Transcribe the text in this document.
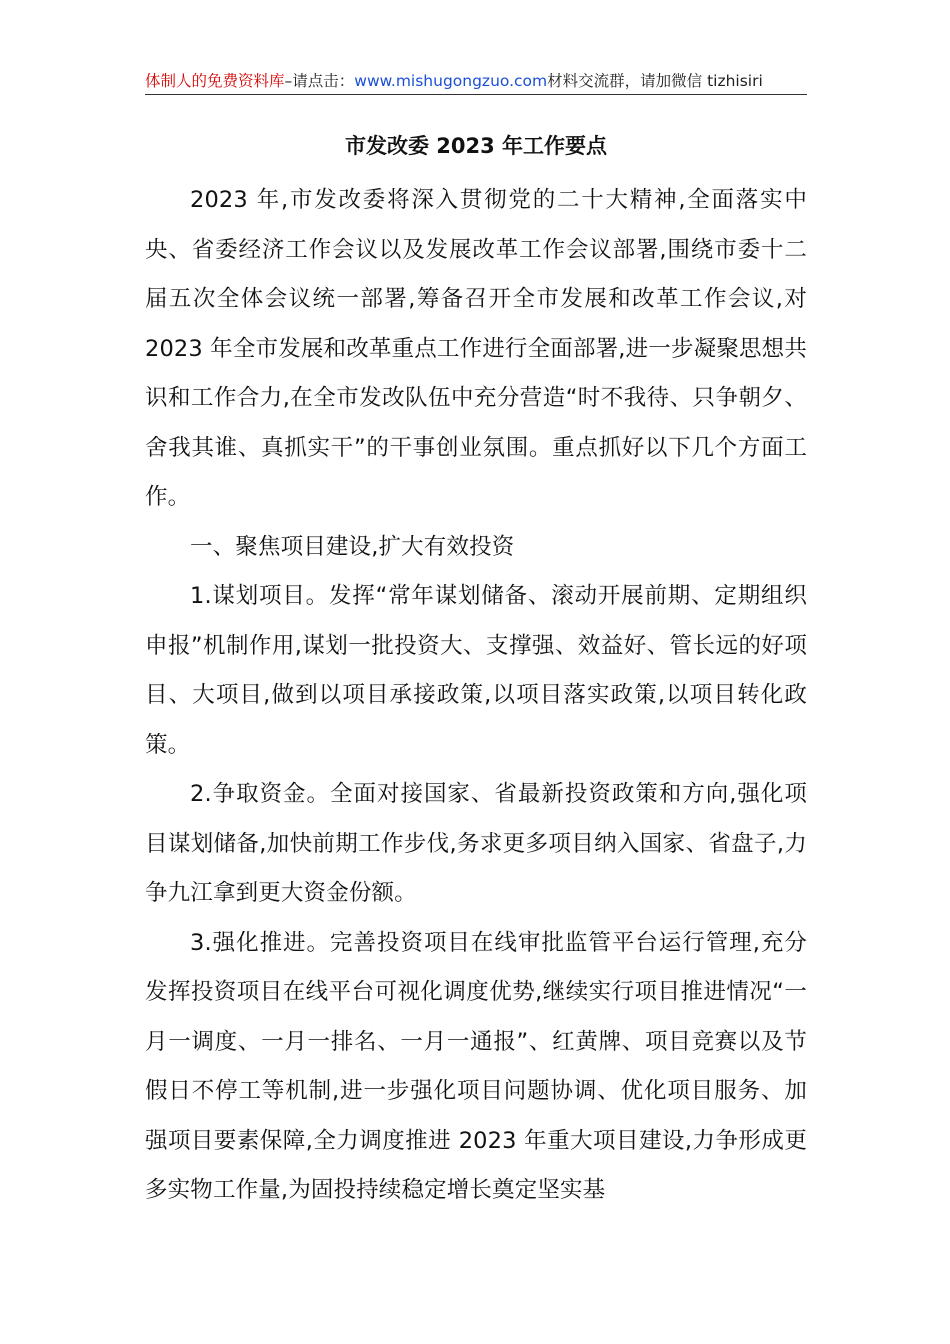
体制人的免费资料库–请点击：www.mishugongzuo.com材料交流群，请加微信 tizhisiri
市发改委 2023 年工作要点

2023 年,市发改委将深入贯彻党的二十大精神,全面落实中央、省委经济工作会议以及发展改革工作会议部署,围绕市委十二届五次全体会议统一部署,筹备召开全市发展和改革工作会议,对 2023 年全市发展和改革重点工作进行全面部署,进一步凝聚思想共识和工作合力,在全市发改队伍中充分营造“时不我待、只争朝夕、舍我其谁、真抓实干”的干事创业氛围。重点抓好以下几个方面工作。

一、聚焦项目建设,扩大有效投资

1.谋划项目。发挥“常年谋划储备、滚动开展前期、定期组织申报”机制作用,谋划一批投资大、支撑强、效益好、管长远的好项目、大项目,做到以项目承接政策,以项目落实政策,以项目转化政策。

2.争取资金。全面对接国家、省最新投资政策和方向,强化项目谋划储备,加快前期工作步伐,务求更多项目纳入国家、省盘子,力争九江拿到更大资金份额。

3.强化推进。完善投资项目在线审批监管平台运行管理,充分发挥投资项目在线平台可视化调度优势,继续实行项目推进情况“一月一调度、一月一排名、一月一通报”、红黄牌、项目竞赛以及节假日不停工等机制,进一步强化项目问题协调、优化项目服务、加强项目要素保障,全力调度推进 2023 年重大项目建设,力争形成更多实物工作量,为固投持续稳定增长奠定坚实基
